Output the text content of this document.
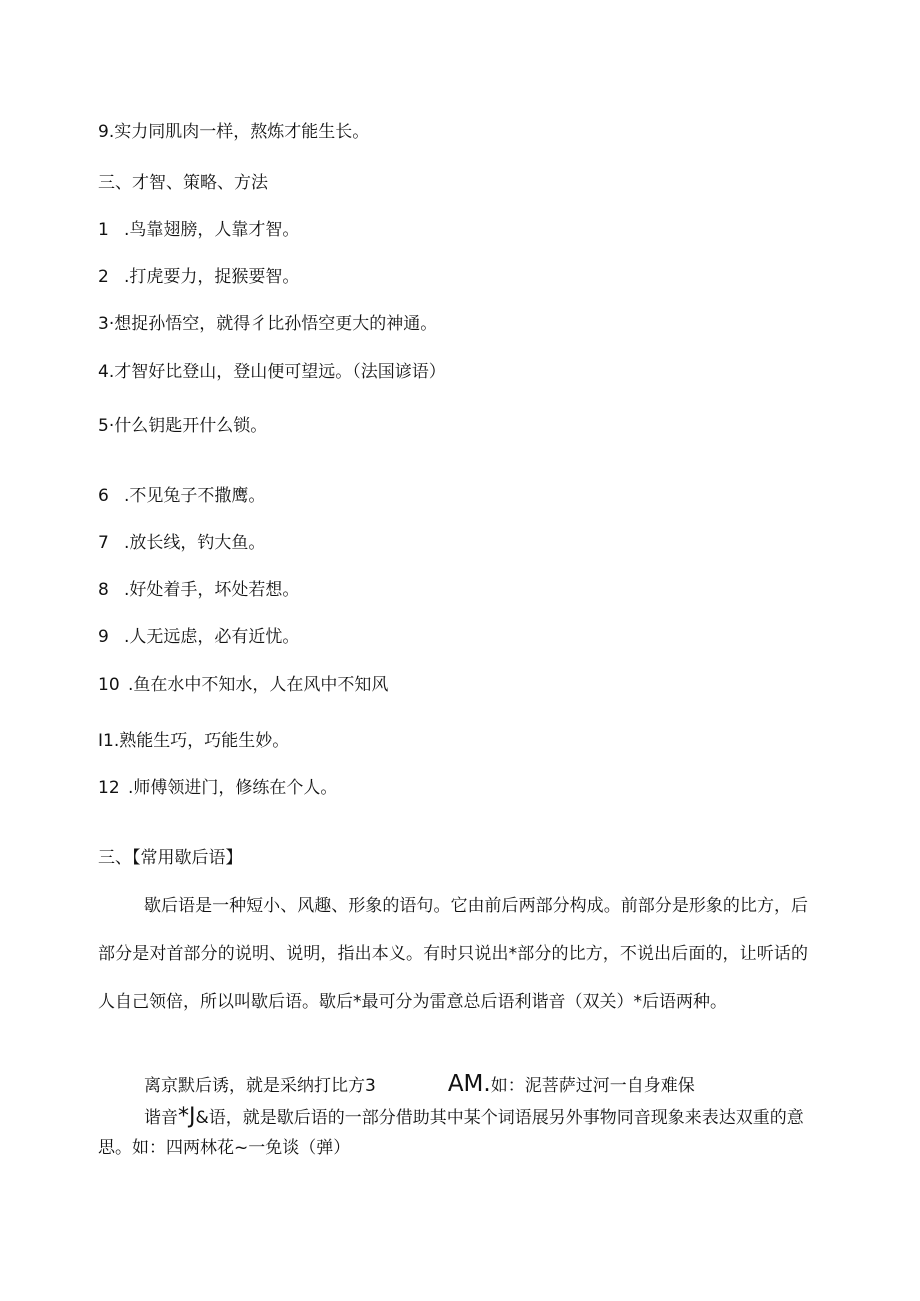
9.实力同肌肉一样，熬炼才能生长。

三、才智、策略、方法

1 .鸟靠翅膀，人靠才智。

2 .打虎要力，捉猴要智。

3·想捉孙悟空，就得彳比孙悟空更大的神通。

4.才智好比登山，登山便可望远。（法国谚语）

5·什么钥匙开什么锁。

6 .不见兔子不撒鹰。

7 .放长线，钓大鱼。

8 .好处着手，坏处若想。

9 .人无远虑，必有近忧。

10 .鱼在水中不知水，人在风中不知风

I1.熟能生巧，巧能生妙。

12 .师傅领进门，修练在个人。

三、【常用歇后语】

歇后语是一种短小、风趣、形象的语句。它由前后两部分构成。前部分是形象的比方，后部分是对首部分的说明、说明，指出本义。有时只说出*部分的比方，不说出后面的，让听话的人自己领倍，所以叫歇后语。歇后*最可分为雷意总后语利谐音（双关）*后语两种。

离京默后诱，就是采纳打比方3	AM.如：泥菩萨过河一自身难保

谐音*J&语，就是歇后语的一部分借助其中某个词语展另外事物同音现象来表达双重的意思。如：四两林花~一免谈（弹）
